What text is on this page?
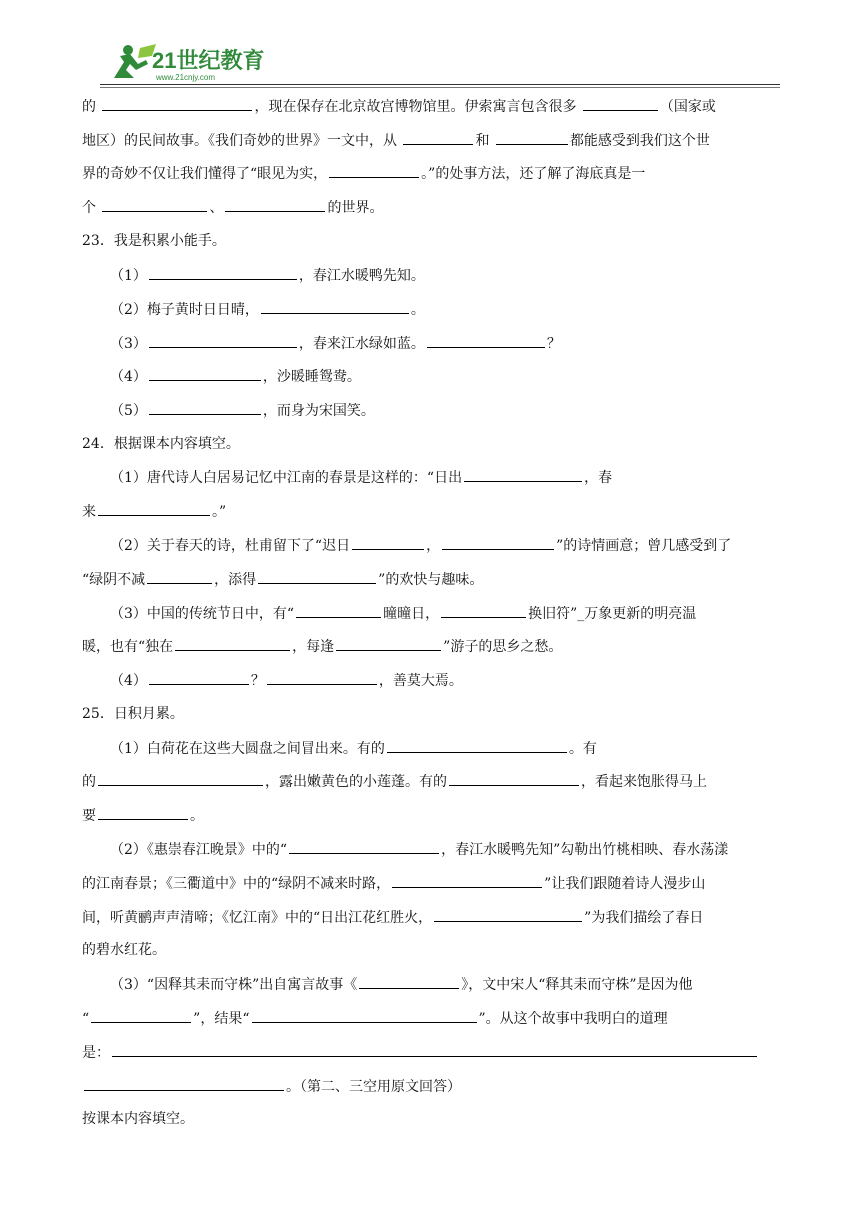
21世纪教育
www.21cnjy.com
的	，现在保存在北京故宫博物馆里。伊索寓言包含很多	（国家或
地区）的民间故事。《我们奇妙的世界》一文中，从	和	都能感受到我们这个世
界的奇妙不仅让我们懂得了“眼见为实，	。”的处事方法，还了解了海底真是一
个	、	的世界。
23．我是积累小能手。
（1）	，春江水暖鸭先知。
（2）梅子黄时日日晴，	。
（3）	，春来江水绿如蓝。	？
（4）	，沙暖睡鸳鸯。
（5）	，而身为宋国笑。
24．根据课本内容填空。
（1）唐代诗人白居易记忆中江南的春景是这样的：“日出	，春
来	。”
（2）关于春天的诗，杜甫留下了“迟日	，	”的诗情画意；曾几感受到了
“绿阴不减	，添得	”的欢快与趣味。
（3）中国的传统节日中，有“	曈曈日，	换旧符”_万象更新的明亮温
暖，也有“独在	，每逢	”游子的思乡之愁。
（4）	？	，善莫大焉。
25．日积月累。
（1）白荷花在这些大圆盘之间冒出来。有的	。有
的	，露出嫩黄色的小莲蓬。有的	，看起来饱胀得马上
要	。
（2）《惠崇春江晚景》中的“	，春江水暖鸭先知”勾勒出竹桃相映、春水荡漾
的江南春景；《三衢道中》中的“绿阴不减来时路，	”让我们跟随着诗人漫步山
间，听黄鹂声声清啼；《忆江南》中的“日出江花红胜火，	”为我们描绘了春日
的碧水红花。
（3）“因释其耒而守株”出自寓言故事《	》，文中宋人“释其耒而守株”是因为他
“	”，结果“	”。从这个故事中我明白的道理
是：
。（第二、三空用原文回答）
按课本内容填空。
